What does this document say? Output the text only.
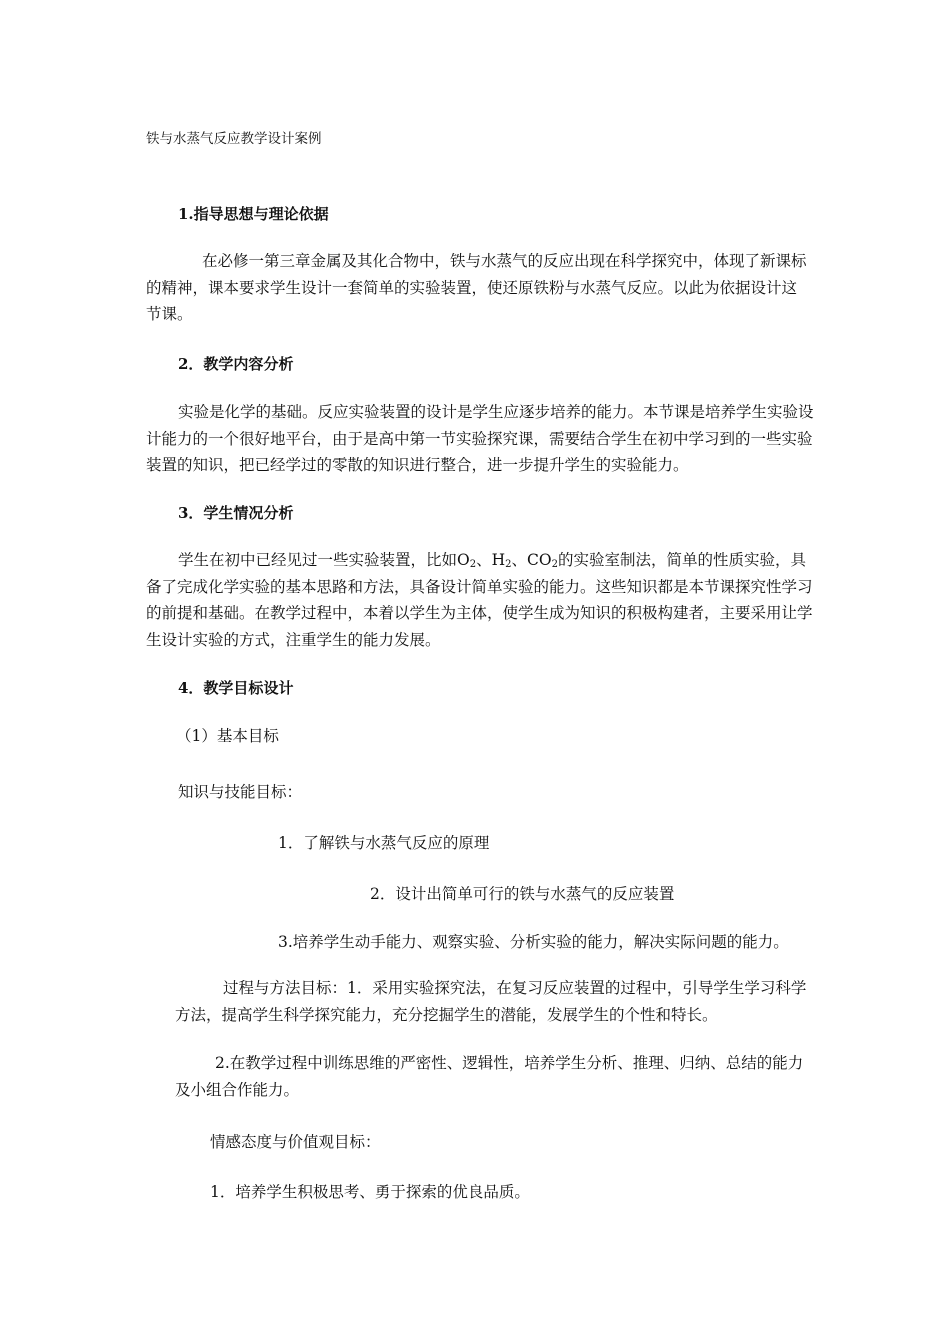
铁与水蒸气反应教学设计案例
1.指导思想与理论依据
在必修一第三章金属及其化合物中，铁与水蒸气的反应出现在科学探究中，体现了新课标的精神，课本要求学生设计一套简单的实验装置，使还原铁粉与水蒸气反应。以此为依据设计这节课。
2．教学内容分析
实验是化学的基础。反应实验装置的设计是学生应逐步培养的能力。本节课是培养学生实验设计能力的一个很好地平台，由于是高中第一节实验探究课，需要结合学生在初中学习到的一些实验装置的知识，把已经学过的零散的知识进行整合，进一步提升学生的实验能力。
3．学生情况分析
学生在初中已经见过一些实验装置，比如$O_2$、$H_2$、$CO_2$的实验室制法，简单的性质实验，具备了完成化学实验的基本思路和方法，具备设计简单实验的能力。这些知识都是本节课探究性学习的前提和基础。在教学过程中，本着以学生为主体，使学生成为知识的积极构建者，主要采用让学生设计实验的方式，注重学生的能力发展。
4．教学目标设计
（1）基本目标
知识与技能目标：
1．了解铁与水蒸气反应的原理
2．设计出简单可行的铁与水蒸气的反应装置
3.培养学生动手能力、观察实验、分析实验的能力，解决实际问题的能力。
过程与方法目标：1．采用实验探究法，在复习反应装置的过程中，引导学生学习科学方法，提高学生科学探究能力，充分挖掘学生的潜能，发展学生的个性和特长。
2.在教学过程中训练思维的严密性、逻辑性，培养学生分析、推理、归纳、总结的能力及小组合作能力。
情感态度与价值观目标：
1．培养学生积极思考、勇于探索的优良品质。
